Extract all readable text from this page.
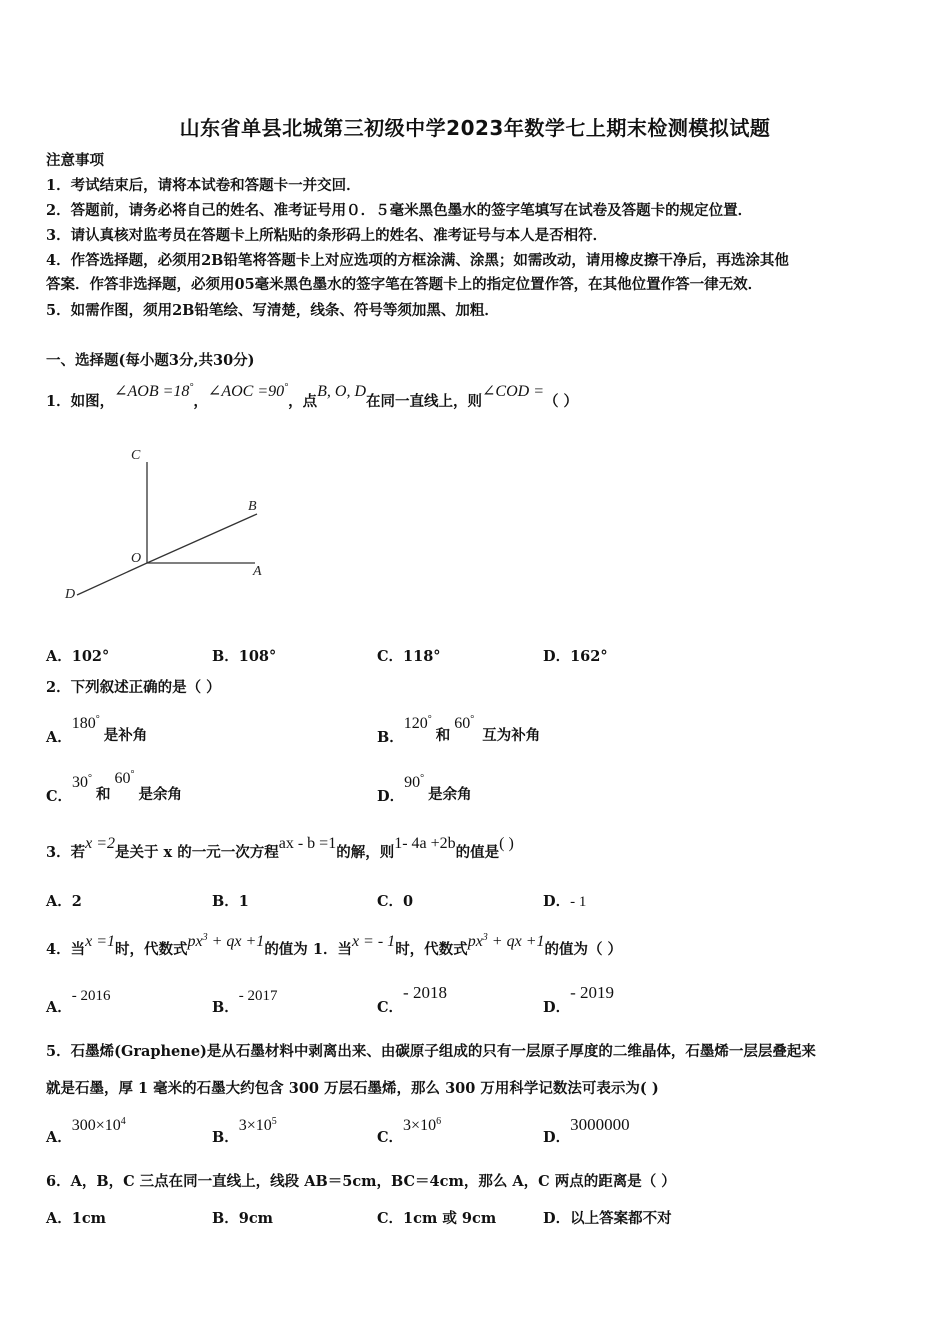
山东省单县北城第三初级中学2023年数学七上期末检测模拟试题
注意事项
1．考试结束后，请将本试卷和答题卡一并交回．
2．答题前，请务必将自己的姓名、准考证号用０．５毫米黑色墨水的签字笔填写在试卷及答题卡的规定位置．
3．请认真核对监考员在答题卡上所粘贴的条形码上的姓名、准考证号与本人是否相符．
4．作答选择题，必须用2B铅笔将答题卡上对应选项的方框涂满、涂黑；如需改动，请用橡皮擦干净后，再选涂其他
答案．作答非选择题，必须用05毫米黑色墨水的签字笔在答题卡上的指定位置作答，在其他位置作答一律无效．
5．如需作图，须用2B铅笔绘、写清楚，线条、符号等须加黑、加粗．
一、选择题(每小题3分,共30分)
1．如图，∠AOB =18°，∠AOC =90°，点B, O, D在同一直线上，则∠COD =（ ）
C
B
O
A
D
A．102°	B．108°	C．118°	D．162°
2．下列叙述正确的是（ ）
A．180°是补角	B．120°和60°互为补角
C．30°和60°是余角	D．90°是余角
3．若x =2是关于 x 的一元一次方程ax - b =1的解，则1- 4a +2b的值是( )
A．2	B．1	C．0	D．- 1
4．当x =1时，代数式$px^3$ + qx +1的值为 1．当x = - 1时，代数式$px^3$ + qx +1的值为（ ）
A．- 2016
B．- 2017
C．- 2018
D．- 2019
5．石墨烯(Graphene)是从石墨材料中剥离出来、由碳原子组成的只有一层原子厚度的二维晶体，石墨烯一层层叠起来
就是石墨，厚 1 毫米的石墨大约包含 300 万层石墨烯，那么 300 万用科学记数法可表示为( )
A．$300\times 10^4$
B．$3\times 10^5$
C．$3\times 10^6$
D．3000000
6．A，B，C 三点在同一直线上，线段 AB＝5cm，BC＝4cm，那么 A，C 两点的距离是（ ）
A．1cm	B．9cm	C．1cm 或 9cm	D．以上答案都不对
